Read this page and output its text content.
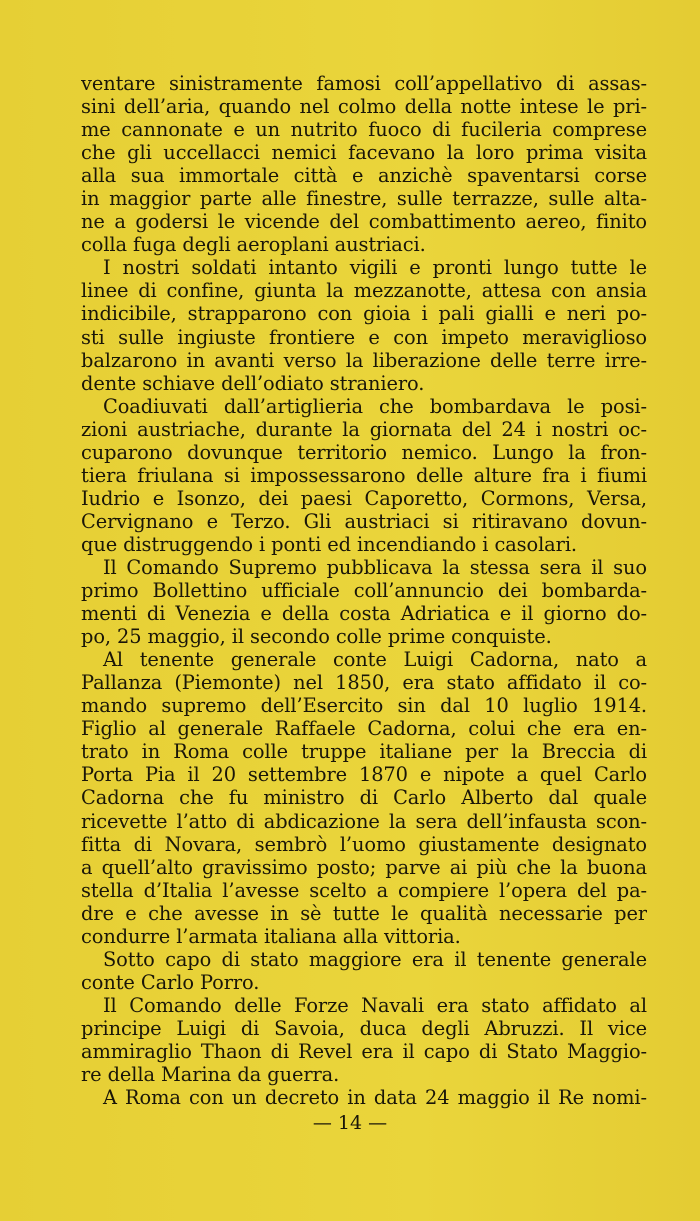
ventare sinistramente famosi coll’appellativo di assas-
sini dell’aria, quando nel colmo della notte intese le pri-
me cannonate e un nutrito fuoco di fucileria comprese
che gli uccellacci nemici facevano la loro prima visita
alla sua immortale città e anzichè spaventarsi corse
in maggior parte alle finestre, sulle terrazze, sulle alta-
ne a godersi le vicende del combattimento aereo, finito
colla fuga degli aeroplani austriaci.
I nostri soldati intanto vigili e pronti lungo tutte le
linee di confine, giunta la mezzanotte, attesa con ansia
indicibile, strapparono con gioia i pali gialli e neri po-
sti sulle ingiuste frontiere e con impeto meraviglioso
balzarono in avanti verso la liberazione delle terre irre-
dente schiave dell’odiato straniero.
Coadiuvati dall’artiglieria che bombardava le posi-
zioni austriache, durante la giornata del 24 i nostri oc-
cuparono dovunque territorio nemico. Lungo la fron-
tiera friulana si impossessarono delle alture fra i fiumi
Iudrio e Isonzo, dei paesi Caporetto, Cormons, Versa,
Cervignano e Terzo. Gli austriaci si ritiravano dovun-
que distruggendo i ponti ed incendiando i casolari.
Il Comando Supremo pubblicava la stessa sera il suo
primo Bollettino ufficiale coll’annuncio dei bombarda-
menti di Venezia e della costa Adriatica e il giorno do-
po, 25 maggio, il secondo colle prime conquiste.
Al tenente generale conte Luigi Cadorna, nato a
Pallanza (Piemonte) nel 1850, era stato affidato il co-
mando supremo dell’Esercito sin dal 10 luglio 1914.
Figlio al generale Raffaele Cadorna, colui che era en-
trato in Roma colle truppe italiane per la Breccia di
Porta Pia il 20 settembre 1870 e nipote a quel Carlo
Cadorna che fu ministro di Carlo Alberto dal quale
ricevette l’atto di abdicazione la sera dell’infausta scon-
fitta di Novara, sembrò l’uomo giustamente designato
a quell’alto gravissimo posto; parve ai più che la buona
stella d’Italia l’avesse scelto a compiere l’opera del pa-
dre e che avesse in sè tutte le qualità necessarie per
condurre l’armata italiana alla vittoria.
Sotto capo di stato maggiore era il tenente generale
conte Carlo Porro.
Il Comando delle Forze Navali era stato affidato al
principe Luigi di Savoia, duca degli Abruzzi. Il vice
ammiraglio Thaon di Revel era il capo di Stato Maggio-
re della Marina da guerra.
A Roma con un decreto in data 24 maggio il Re nomi-
— 14 —
